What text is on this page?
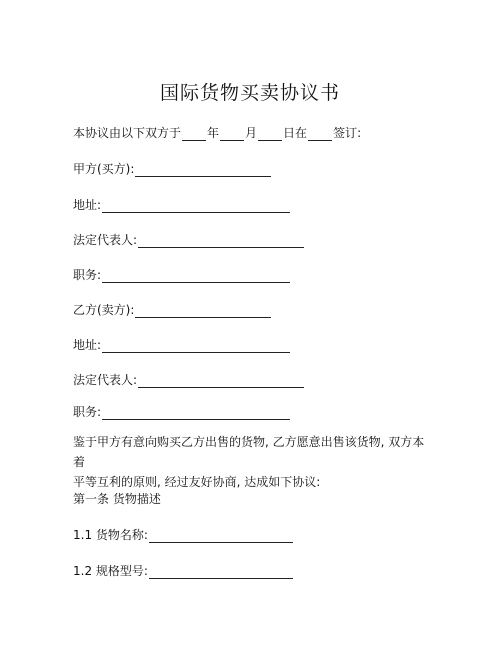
国际货物买卖协议书
本协议由以下双方于 年 月 日在 签订:
甲方(买方):
地址:
法定代表人:
职务:
乙方(卖方):
地址:
法定代表人:
职务:
鉴于甲方有意向购买乙方出售的货物, 乙方愿意出售该货物, 双方本着
平等互利的原则, 经过友好协商, 达成如下协议:
第一条 货物描述
1.1 货物名称:
1.2 规格型号:
